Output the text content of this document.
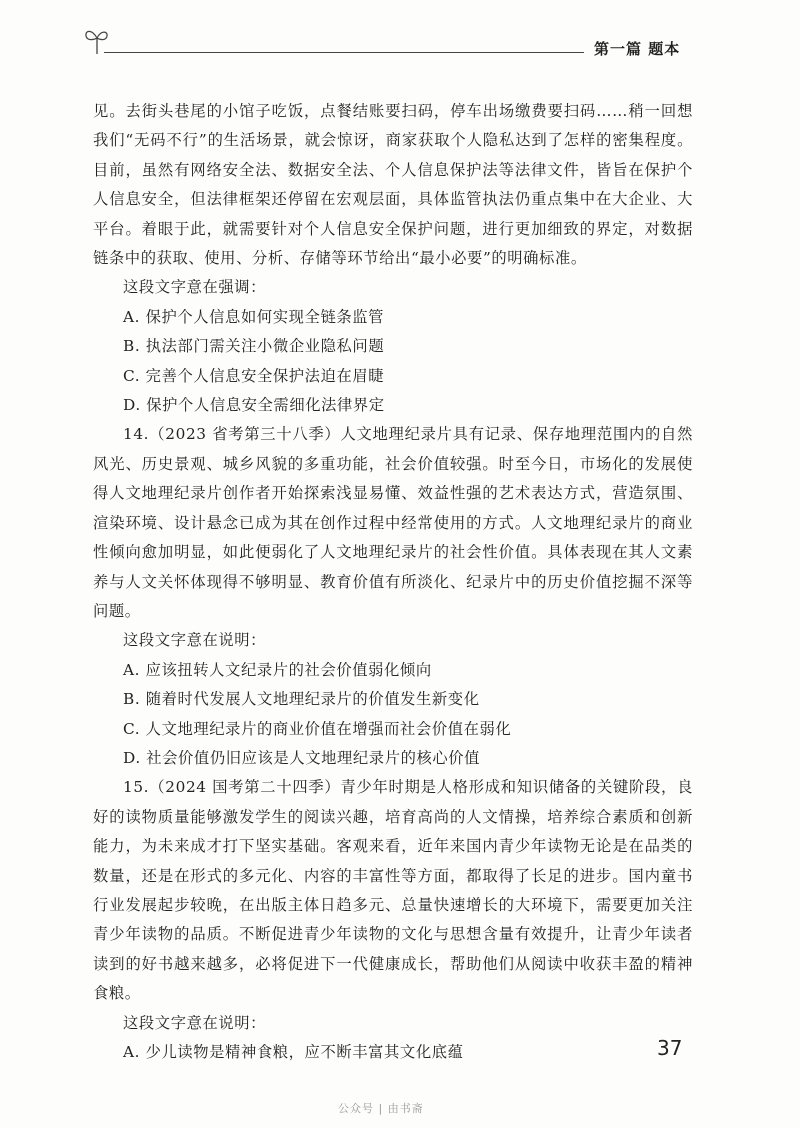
第一篇 题本

见。去街头巷尾的小馆子吃饭，点餐结账要扫码，停车出场缴费要扫码……稍一回想我们“无码不行”的生活场景，就会惊讶，商家获取个人隐私达到了怎样的密集程度。目前，虽然有网络安全法、数据安全法、个人信息保护法等法律文件，皆旨在保护个人信息安全，但法律框架还停留在宏观层面，具体监管执法仍重点集中在大企业、大平台。着眼于此，就需要针对个人信息安全保护问题，进行更加细致的界定，对数据链条中的获取、使用、分析、存储等环节给出“最小必要”的明确标准。

这段文字意在强调：

A. 保护个人信息如何实现全链条监管

B. 执法部门需关注小微企业隐私问题

C. 完善个人信息安全保护法迫在眉睫

D. 保护个人信息安全需细化法律界定

14.（2023 省考第三十八季）人文地理纪录片具有记录、保存地理范围内的自然风光、历史景观、城乡风貌的多重功能，社会价值较强。时至今日，市场化的发展使得人文地理纪录片创作者开始探索浅显易懂、效益性强的艺术表达方式，营造氛围、渲染环境、设计悬念已成为其在创作过程中经常使用的方式。人文地理纪录片的商业性倾向愈加明显，如此便弱化了人文地理纪录片的社会性价值。具体表现在其人文素养与人文关怀体现得不够明显、教育价值有所淡化、纪录片中的历史价值挖掘不深等问题。

这段文字意在说明：

A. 应该扭转人文纪录片的社会价值弱化倾向

B. 随着时代发展人文地理纪录片的价值发生新变化

C. 人文地理纪录片的商业价值在增强而社会价值在弱化

D. 社会价值仍旧应该是人文地理纪录片的核心价值

15.（2024 国考第二十四季）青少年时期是人格形成和知识储备的关键阶段，良好的读物质量能够激发学生的阅读兴趣，培育高尚的人文情操，培养综合素质和创新能力，为未来成才打下坚实基础。客观来看，近年来国内青少年读物无论是在品类的数量，还是在形式的多元化、内容的丰富性等方面，都取得了长足的进步。国内童书行业发展起步较晚，在出版主体日趋多元、总量快速增长的大环境下，需要更加关注青少年读物的品质。不断促进青少年读物的文化与思想含量有效提升，让青少年读者读到的好书越来越多，必将促进下一代健康成长，帮助他们从阅读中收获丰盈的精神食粮。

这段文字意在说明：

A. 少儿读物是精神食粮，应不断丰富其文化底蕴	37
公众号 | 由书斋
